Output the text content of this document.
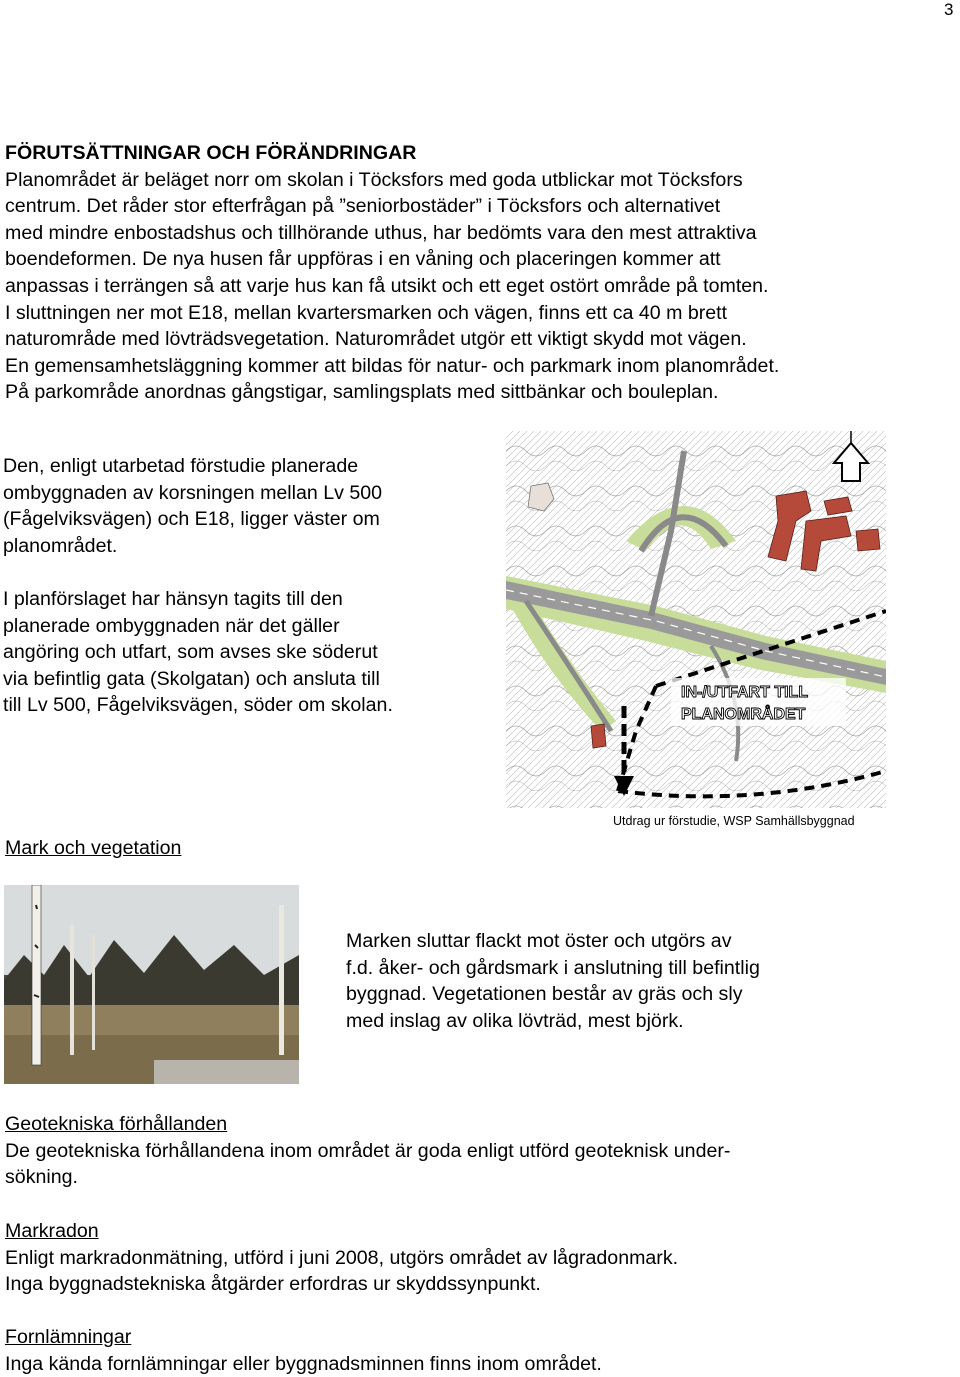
3

FÖRUTSÄTTNINGAR OCH FÖRÄNDRINGAR

Planområdet är beläget norr om skolan i Töcksfors med goda utblickar mot Töcksfors

centrum. Det råder stor efterfrågan på ”seniorbostäder” i Töcksfors och alternativet

med mindre enbostadshus och tillhörande uthus, har bedömts vara den mest attraktiva

boendeformen. De nya husen får uppföras i en våning och placeringen kommer att

anpassas i terrängen så att varje hus kan få utsikt och ett eget ostört område på tomten.

I sluttningen ner mot E18, mellan kvartersmarken och vägen, finns ett ca 40 m brett

naturområde med lövträdsvegetation. Naturområdet utgör ett viktigt skydd mot vägen.

En gemensamhetsläggning kommer att bildas för natur- och parkmark inom planområdet.

På parkområde anordnas gångstigar, samlingsplats med sittbänkar och bouleplan.

Den, enligt utarbetad förstudie planerade

ombyggnaden av korsningen mellan Lv 500

(Fågelviksvägen) och E18, ligger väster om

planområdet.

I planförslaget har hänsyn tagits till den

planerade ombyggnaden när det gäller

angöring och utfart, som avses ske söderut

via befintlig gata (Skolgatan) och ansluta till

till Lv 500, Fågelviksvägen, söder om skolan.

IN-/UTFART TILL
PLANOMRÅDET
Utdrag ur förstudie, WSP Samhällsbyggnad
Mark och vegetation

Marken sluttar flackt mot öster och utgörs av

f.d. åker- och gårdsmark i anslutning till befintlig

byggnad. Vegetationen består av gräs och sly

med inslag av olika lövträd, mest björk.

Geotekniska förhållanden

De geotekniska förhållandena inom området är goda enligt utförd geoteknisk under-

sökning.

Markradon

Enligt markradonmätning, utförd i juni 2008, utgörs området av lågradonmark.

Inga byggnadstekniska åtgärder erfordras ur skyddssynpunkt.

Fornlämningar

Inga kända fornlämningar eller byggnadsminnen finns inom området.
